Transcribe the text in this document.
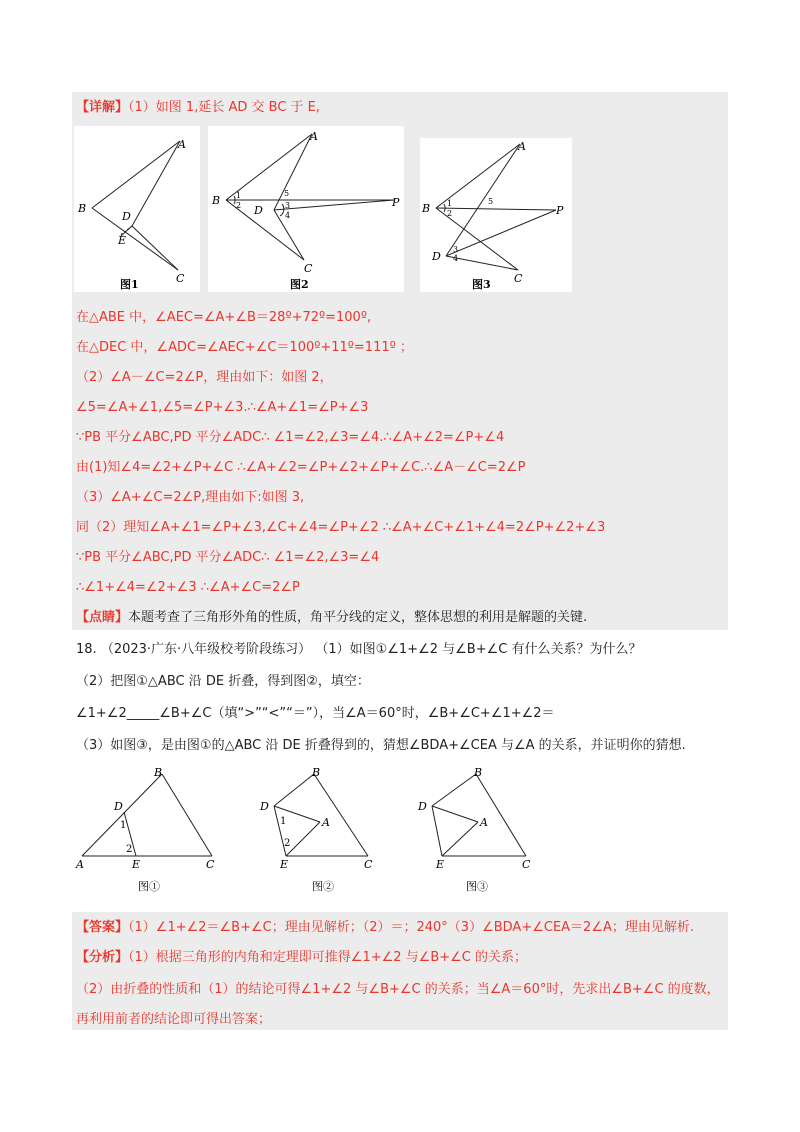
【详解】（1）如图 1,延长 AD 交 BC 于 E,
A
B
C
D
E
图1
A
B
C
D
P
1
2	3
4
5
图2
A
B
C
D
P
1
2
3
4
5
图3
在△ABE 中，∠AEC=∠A+∠B＝28º+72º=100º,
在△DEC 中，∠ADC=∠AEC+∠C＝100º+11º=111º ；
（2）∠A－∠C=2∠P，理由如下：如图 2，
∠5=∠A+∠1,∠5=∠P+∠3.∴∠A+∠1=∠P+∠3
∵PB 平分∠ABC,PD 平分∠ADC∴ ∠1=∠2,∠3=∠4.∴∠A+∠2=∠P+∠4
由(1)知∠4=∠2+∠P+∠C ∴∠A+∠2=∠P+∠2+∠P+∠C.∴∠A－∠C=2∠P
（3）∠A+∠C=2∠P,理由如下:如图 3,
同（2）理知∠A+∠1=∠P+∠3,∠C+∠4=∠P+∠2 ∴∠A+∠C+∠1+∠4=2∠P+∠2+∠3
∵PB 平分∠ABC,PD 平分∠ADC∴ ∠1=∠2,∠3=∠4
∴∠1+∠4=∠2+∠3 ∴∠A+∠C=2∠P
【点睛】本题考查了三角形外角的性质，角平分线的定义，整体思想的利用是解题的关键.
18. （2023·广东·八年级校考阶段练习） （1）如图①∠1+∠2 与∠B+∠C 有什么关系？为什么？
（2）把图①△ABC 沿 DE 折叠，得到图②，填空：
∠1+∠2_____∠B+∠C（填“>”“<”“＝”），当∠A＝60°时，∠B+∠C+∠1+∠2＝
（3）如图③，是由图①的△ABC 沿 DE 折叠得到的，猜想∠BDA+∠CEA 与∠A 的关系，并证明你的猜想.
B
A	C
D
E
1
2
图①
B
A
C
D
E
1
2
图②
B
A
C
D
E
图③
【答案】（1）∠1+∠2＝∠B+∠C；理由见解析；（2）＝；240°（3）∠BDA+∠CEA＝2∠A；理由见解析.
【分析】（1）根据三角形的内角和定理即可推得∠1+∠2 与∠B+∠C 的关系；
（2）由折叠的性质和（1）的结论可得∠1+∠2 与∠B+∠C 的关系；当∠A＝60°时，先求出∠B+∠C 的度数，
再利用前者的结论即可得出答案；
